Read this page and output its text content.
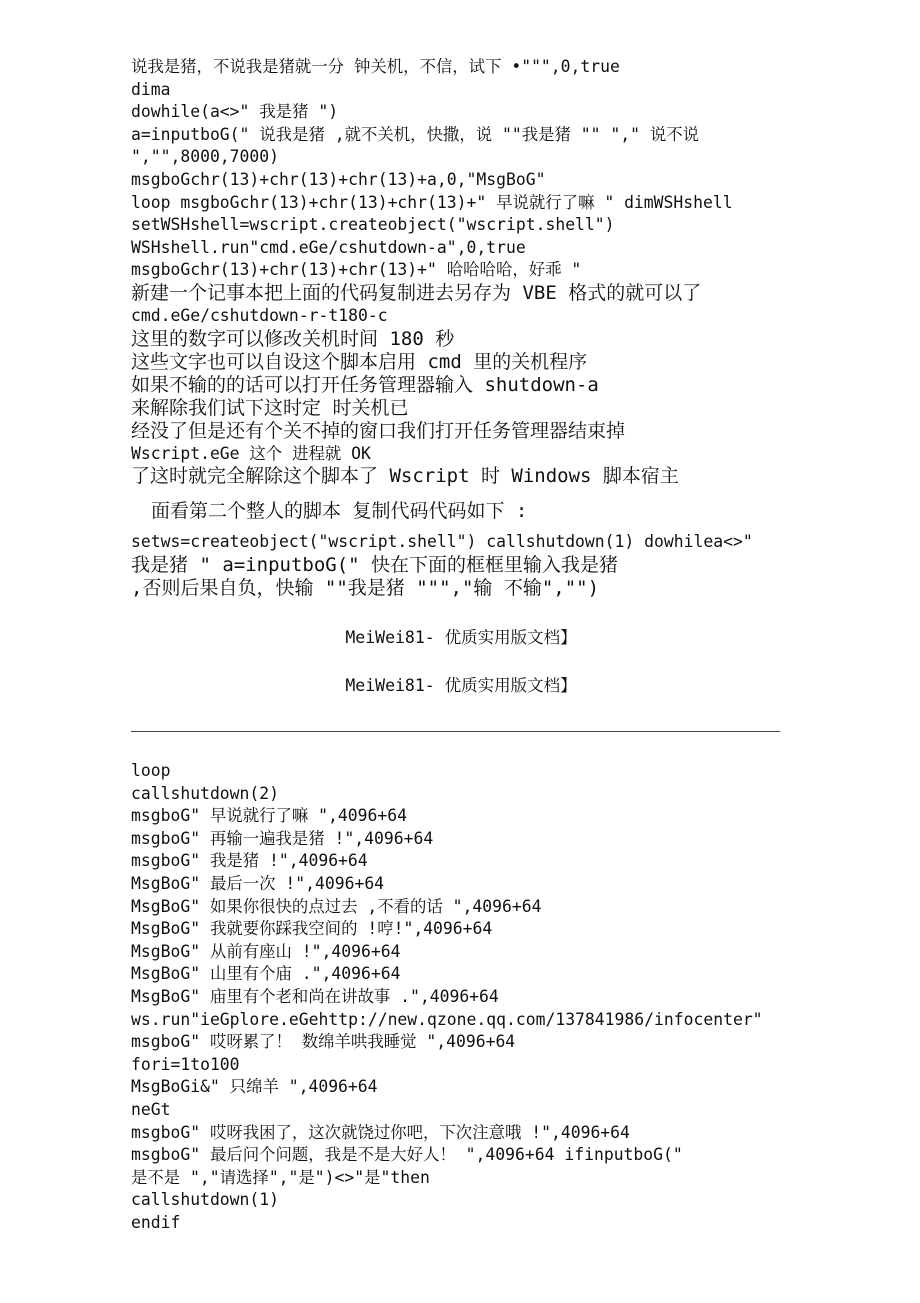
说我是猪，不说我是猪就一分 钟关机，不信，试下 •""",0,true
dima
dowhile(a<>" 我是猪 ")
a=inputboG(" 说我是猪 ,就不关机，快撒，说 ""我是猪 "" "," 说不说
","",8000,7000)
msgboGchr(13)+chr(13)+chr(13)+a,0,"MsgBoG"
loop msgboGchr(13)+chr(13)+chr(13)+" 早说就行了嘛 " dimWSHshell
setWSHshell=wscript.createobject("wscript.shell")
WSHshell.run"cmd.eGe/cshutdown-a",0,true
msgboGchr(13)+chr(13)+chr(13)+" 哈哈哈哈，好乖 "
新建一个记事本把上面的代码复制进去另存为 VBE 格式的就可以了
cmd.eGe/cshutdown-r-t180-c
这里的数字可以修改关机时间 180 秒
这些文字也可以自设这个脚本启用 cmd 里的关机程序
如果不输的的话可以打开任务管理器输入 shutdown-a
来解除我们试下这时定 时关机已
经没了但是还有个关不掉的窗口我们打开任务管理器结束掉
Wscript.eGe 这个 进程就 OK
了这时就完全解除这个脚本了 Wscript 时 Windows 脚本宿主
面看第二个整人的脚本 复制代码代码如下 :
setws=createobject("wscript.shell") callshutdown(1) dowhilea<>"
我是猪 " a=inputboG(" 快在下面的框框里输入我是猪
,否则后果自负，快输 ""我是猪 ""","输 不输","")
MeiWei81- 优质实用版文档】
MeiWei81- 优质实用版文档】
loop
callshutdown(2)
msgboG" 早说就行了嘛 ",4096+64
msgboG" 再输一遍我是猪 !",4096+64
msgboG" 我是猪 !",4096+64
MsgBoG" 最后一次 !",4096+64
MsgBoG" 如果你很快的点过去 ,不看的话 ",4096+64
MsgBoG" 我就要你踩我空间的 !哼!",4096+64
MsgBoG" 从前有座山 !",4096+64
MsgBoG" 山里有个庙 .",4096+64
MsgBoG" 庙里有个老和尚在讲故事 .",4096+64
ws.run"ieGplore.eGehttp://new.qzone.qq.com/137841986/infocenter"
msgboG" 哎呀累了！ 数绵羊哄我睡觉 ",4096+64
fori=1to100
MsgBoGi&" 只绵羊 ",4096+64
neGt
msgboG" 哎呀我困了，这次就饶过你吧，下次注意哦 !",4096+64
msgboG" 最后问个问题，我是不是大好人！ ",4096+64 ifinputboG("
是不是 ","请选择","是")<>"是"then
callshutdown(1)
endif
